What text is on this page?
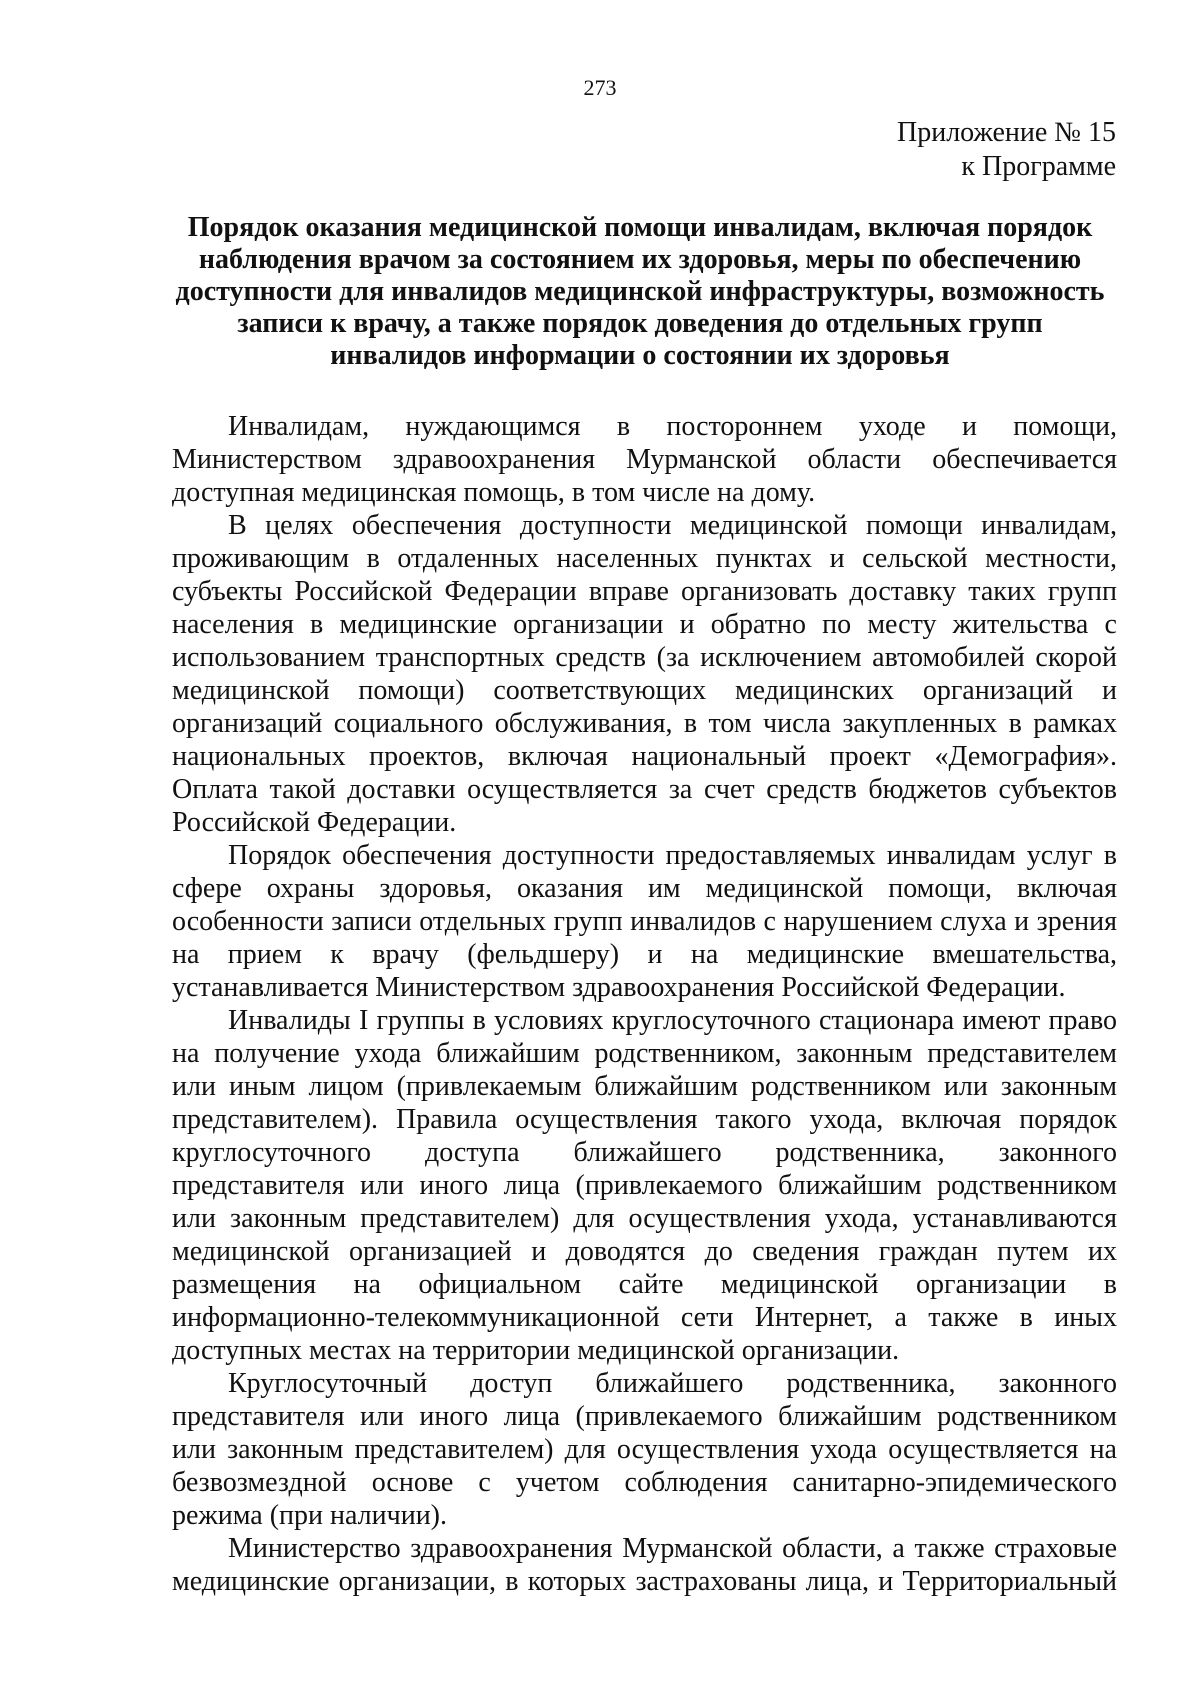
273
Приложение № 15
к Программе
Порядок оказания медицинской помощи инвалидам, включая порядок
наблюдения врачом за состоянием их здоровья, меры по обеспечению
доступности для инвалидов медицинской инфраструктуры, возможность
записи к врачу, а также порядок доведения до отдельных групп
инвалидов информации о состоянии их здоровья

Инвалидам, нуждающимся в постороннем уходе и помощи,
Министерством здравоохранения Мурманской области обеспечивается
доступная медицинская помощь, в том числе на дому.

В целях обеспечения доступности медицинской помощи инвалидам,
проживающим в отдаленных населенных пунктах и сельской местности,
субъекты Российской Федерации вправе организовать доставку таких групп
населения в медицинские организации и обратно по месту жительства с
использованием транспортных средств (за исключением автомобилей скорой
медицинской помощи) соответствующих медицинских организаций и
организаций социального обслуживания, в том числа закупленных в рамках
национальных проектов, включая национальный проект «Демография».
Оплата такой доставки осуществляется за счет средств бюджетов субъектов
Российской Федерации.

Порядок обеспечения доступности предоставляемых инвалидам услуг в
сфере охраны здоровья, оказания им медицинской помощи, включая
особенности записи отдельных групп инвалидов с нарушением слуха и зрения
на прием к врачу (фельдшеру) и на медицинские вмешательства,
устанавливается Министерством здравоохранения Российской Федерации.

Инвалиды I группы в условиях круглосуточного стационара имеют право
на получение ухода ближайшим родственником, законным представителем
или иным лицом (привлекаемым ближайшим родственником или законным
представителем). Правила осуществления такого ухода, включая порядок
круглосуточного доступа ближайшего родственника, законного
представителя или иного лица (привлекаемого ближайшим родственником
или законным представителем) для осуществления ухода, устанавливаются
медицинской организацией и доводятся до сведения граждан путем их
размещения на официальном сайте медицинской организации в
информационно-телекоммуникационной сети Интернет, а также в иных
доступных местах на территории медицинской организации.

Круглосуточный доступ ближайшего родственника, законного
представителя или иного лица (привлекаемого ближайшим родственником
или законным представителем) для осуществления ухода осуществляется на
безвозмездной основе с учетом соблюдения санитарно-эпидемического
режима (при наличии).

Министерство здравоохранения Мурманской области, а также страховые
медицинские организации, в которых застрахованы лица, и Территориальный
